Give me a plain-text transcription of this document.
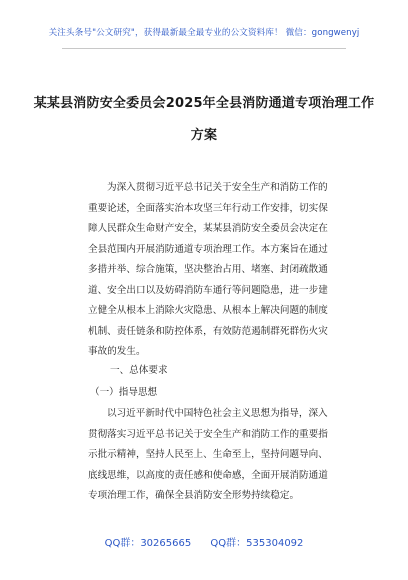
关注头条号"公文研究"，获得最新最全最专业的公文资料库！ 微信：gongwenyj
某某县消防安全委员会2025年全县消防通道专项治理工作
方案
为深入贯彻习近平总书记关于安全生产和消防工作的
重要论述，全面落实治本攻坚三年行动工作安排，切实保
障人民群众生命财产安全，某某县消防安全委员会决定在
全县范围内开展消防通道专项治理工作。本方案旨在通过
多措并举、综合施策，坚决整治占用、堵塞、封闭疏散通
道、安全出口以及妨碍消防车通行等问题隐患，进一步建
立健全从根本上消除火灾隐患、从根本上解决问题的制度
机制、责任链条和防控体系，有效防范遏制群死群伤火灾
事故的发生。
一、总体要求
（一）指导思想
以习近平新时代中国特色社会主义思想为指导，深入
贯彻落实习近平总书记关于安全生产和消防工作的重要指
示批示精神，坚持人民至上、生命至上，坚持问题导向、
底线思维，以高度的责任感和使命感，全面开展消防通道
专项治理工作，确保全县消防安全形势持续稳定。
QQ群：30265665 QQ群：535304092
